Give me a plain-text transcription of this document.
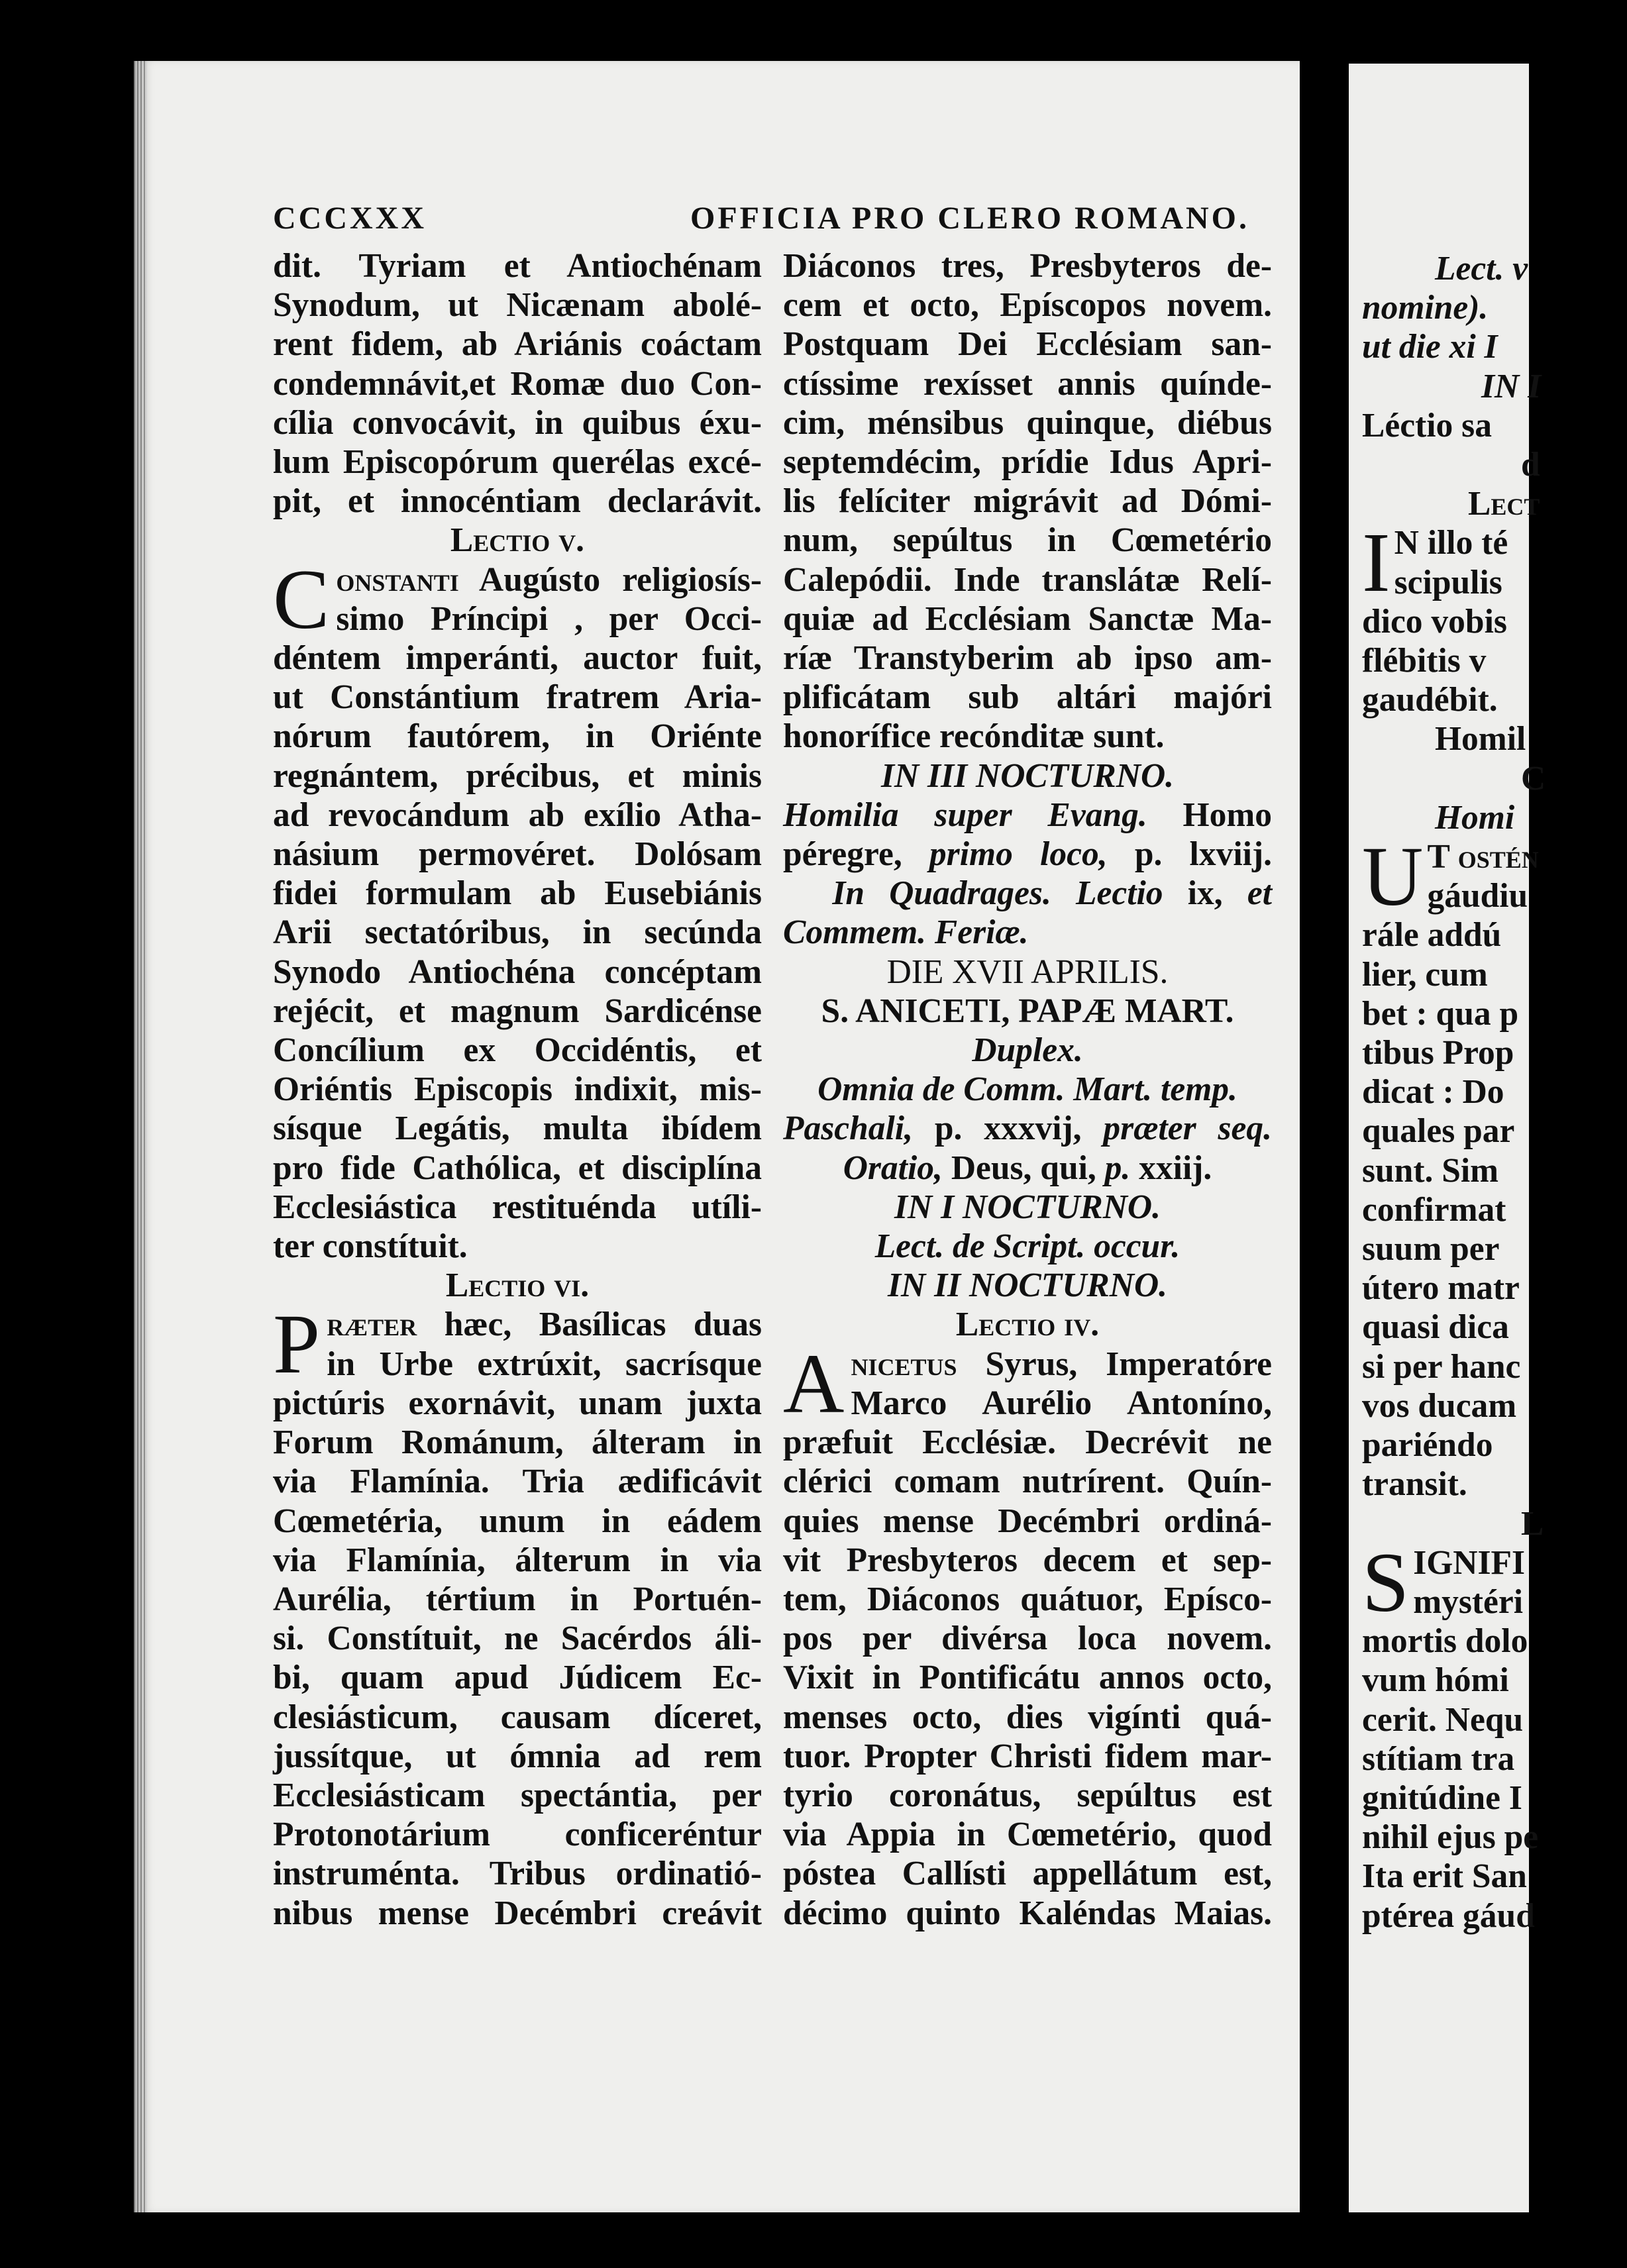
CCCXXX	OFFICIA PRO CLERO ROMANO.
dit. Tyriam et Antiochénam
Synodum, ut Nicænam abolé-
rent fidem, ab Ariánis coáctam
condemnávit,et Romæ duo Con-
cília convocávit, in quibus éxu-
lum Episcopórum querélas excé-
pit, et innocéntiam declarávit.
Lectio v.
C onstanti Augústo religiosís-
simo Príncipi , per Occi-
déntem imperánti, auctor fuit,
ut Constántium fratrem Aria-
nórum fautórem, in Oriénte
regnántem, précibus, et minis
ad revocándum ab exílio Atha-
násium permovéret. Dolósam
fidei formulam ab Eusebiánis
Arii sectatóribus, in secúnda
Synodo Antiochéna concéptam
rejécit, et magnum Sardicénse
Concílium ex Occidéntis, et
Oriéntis Episcopis indixit, mis-
sísque Legátis, multa ibídem
pro fide Cathólica, et disciplína
Ecclesiástica restituénda utíli-
ter constítuit.
Lectio vi.
P ræter hæc, Basílicas duas
in Urbe extrúxit, sacrísque
pictúris exornávit, unam juxta
Forum Románum, álteram in
via Flamínia. Tria ædificávit
Cœmetéria, unum in eádem
via Flamínia, álterum in via
Aurélia, tértium in Portuén-
si. Constítuit, ne Sacérdos áli-
bi, quam apud Júdicem Ec-
clesiásticum, causam díceret,
jussítque, ut ómnia ad rem
Ecclesiásticam spectántia, per
Protonotárium conficeréntur
instruménta. Tribus ordinatió-
nibus mense Decémbri creávit
Diáconos tres, Presbyteros de-
cem et octo, Epíscopos novem.
Postquam Dei Ecclésiam san-
ctíssime rexísset annis quínde-
cim, ménsibus quinque, diébus
septemdécim, prídie Idus Apri-
lis felíciter migrávit ad Dómi-
num, sepúltus in Cœmetério
Calepódii. Inde translátæ Relí-
quiæ ad Ecclésiam Sanctæ Ma-
ríæ Transtyberim ab ipso am-
plificátam sub altári majóri
honorífice recónditæ sunt.
IN III NOCTURNO.
Homilia super Evang. Homo
péregre, primo loco, p. lxviij.
In Quadrages. Lectio ix, et
Commem. Feriæ.
DIE XVII APRILIS.
S. ANICETI, PAPÆ MART.
Duplex.
Omnia de Comm. Mart. temp.
Paschali, p. xxxvij, præter seq.
Oratio, Deus, qui, p. xxiij.
IN I NOCTURNO.
Lect. de Script. occur.
IN II NOCTURNO.
Lectio iv.
A nicetus Syrus, Imperatóre
Marco Aurélio Antoníno,
præfuit Ecclésiæ. Decrévit ne
clérici comam nutrírent. Quín-
quies mense Decémbri ordiná-
vit Presbyteros decem et sep-
tem, Diáconos quátuor, Epísco-
pos per divérsa loca novem.
Vixit in Pontificátu annos octo,
menses octo, dies vigínti quá-
tuor. Propter Christi fidem mar-
tyrio coronátus, sepúltus est
via Appia in Cœmetério, quod
póstea Callísti appellátum est,
décimo quinto Kaléndas Maias.
Lect. v
nomine).
ut die xi I
IN I
Léctio sa
d
Lect
I N illo té
scipulis
dico vobis
flébitis v
gaudébit.
Homil
C
Homi
U T ostén
gáudiu
rále addú
lier, cum
bet : qua p
tibus Prop
dicat : Do
quales par
sunt. Sim
confirmat
suum per
útero matr
quasi dica
si per hanc
vos ducam
pariéndo
transit.
L
S IGNIFI
mystéri
mortis dolo
vum hómi
cerit. Nequ
stítiam tra
gnitúdine I
nihil ejus pe
Ita erit San
ptérea gáud
